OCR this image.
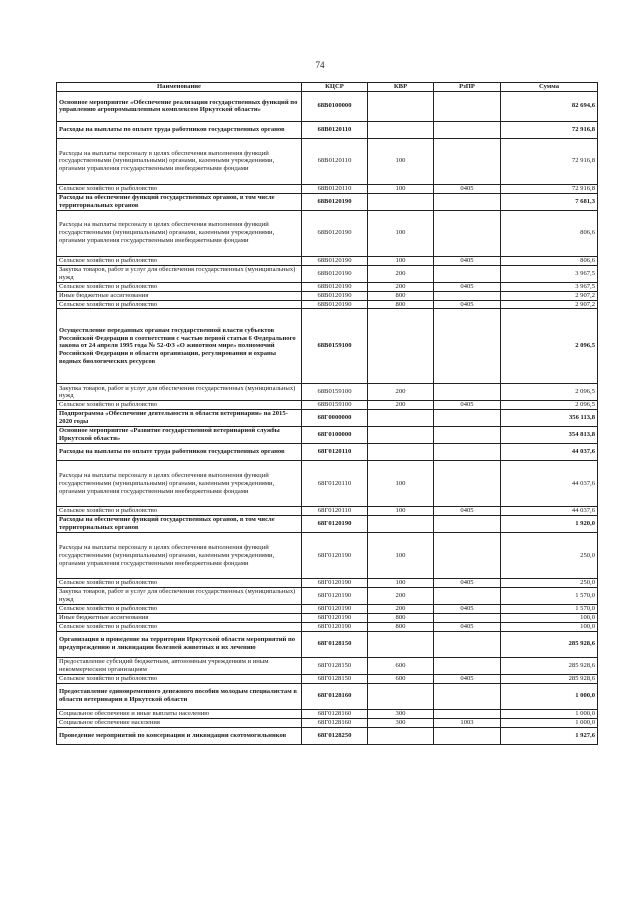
74
Наименование	КЦСР	КВР	РзПР	Сумма
Основное мероприятие «Обеспечение реализации государственных функций по управлению агропромышленным комплексом Иркутской области»	68В0100000			82 694,6
Расходы на выплаты по оплате труда работников государственных органов	68В0120110			72 916,8
Расходы на выплаты персоналу в целях обеспечения выполнения функций государственными (муниципальными) органами, казенными учреждениями, органами управления государственными внебюджетными фондами	68В0120110	100		72 916,8
Сельское хозяйство и рыболовство	68В0120110	100	0405	72 916,8
Расходы на обеспечение функций государственных органов, в том числе территориальных органов	68В0120190			7 681,3
Расходы на выплаты персоналу в целях обеспечения выполнения функций государственными (муниципальными) органами, казенными учреждениями, органами управления государственными внебюджетными фондами	68В0120190	100		806,6
Сельское хозяйство и рыболовство	68В0120190	100	0405	806,6
Закупка товаров, работ и услуг для обеспечения государственных (муниципальных) нужд	68В0120190	200		3 967,5
Сельское хозяйство и рыболовство	68В0120190	200	0405	3 967,5
Иные бюджетные ассигнования	68В0120190	800		2 907,2
Сельское хозяйство и рыболовство	68В0120190	800	0405	2 907,2
Осуществление переданных органам государственной власти субъектов Российской Федерации в соответствии с частью первой статьи 6 Федерального закона от 24 апреля 1995 года № 52-ФЗ «О животном мире» полномочий Российской Федерации в области организации, регулирования и охраны водных биологических ресурсов	68В0159100			2 096,5
Закупка товаров, работ и услуг для обеспечения государственных (муниципальных) нужд	68В0159100	200		2 096,5
Сельское хозяйство и рыболовство	68В0159100	200	0405	2 096,5
Подпрограмма «Обеспечение деятельности в области ветеринарии» на 2015-2020 годы	68Г0000000			356 113,8
Основное мероприятие «Развитие государственной ветеринарной службы Иркутской области»	68Г0100000			354 813,8
Расходы на выплаты по оплате труда работников государственных органов	68Г0120110			44 037,6
Расходы на выплаты персоналу в целях обеспечения выполнения функций государственными (муниципальными) органами, казенными учреждениями, органами управления государственными внебюджетными фондами	68Г0120110	100		44 037,6
Сельское хозяйство и рыболовство	68Г0120110	100	0405	44 037,6
Расходы на обеспечение функций государственных органов, в том числе территориальных органов	68Г0120190			1 920,0
Расходы на выплаты персоналу в целях обеспечения выполнения функций государственными (муниципальными) органами, казенными учреждениями, органами управления государственными внебюджетными фондами	68Г0120190	100		250,0
Сельское хозяйство и рыболовство	68Г0120190	100	0405	250,0
Закупка товаров, работ и услуг для обеспечения государственных (муниципальных) нужд	68Г0120190	200		1 570,0
Сельское хозяйство и рыболовство	68Г0120190	200	0405	1 570,0
Иные бюджетные ассигнования	68Г0120190	800		100,0
Сельское хозяйство и рыболовство	68Г0120190	800	0405	100,0
Организация и проведение на территории Иркутской области мероприятий по предупреждению и ликвидации болезней животных и их лечению	68Г0128150			285 928,6
Предоставление субсидий бюджетным, автономным учреждениям и иным некоммерческим организациям	68Г0128150	600		285 928,6
Сельское хозяйство и рыболовство	68Г0128150	600	0405	285 928,6
Предоставление единовременного денежного пособия молодым специалистам в области ветеринарии в Иркутской области	68Г0128160			1 000,0
Социальное обеспечение и иные выплаты населению	68Г0128160	300		1 000,0
Социальное обеспечение населения	68Г0128160	300	1003	1 000,0
Проведение мероприятий по консервации и ликвидации скотомогильников	68Г0128250			1 927,6
